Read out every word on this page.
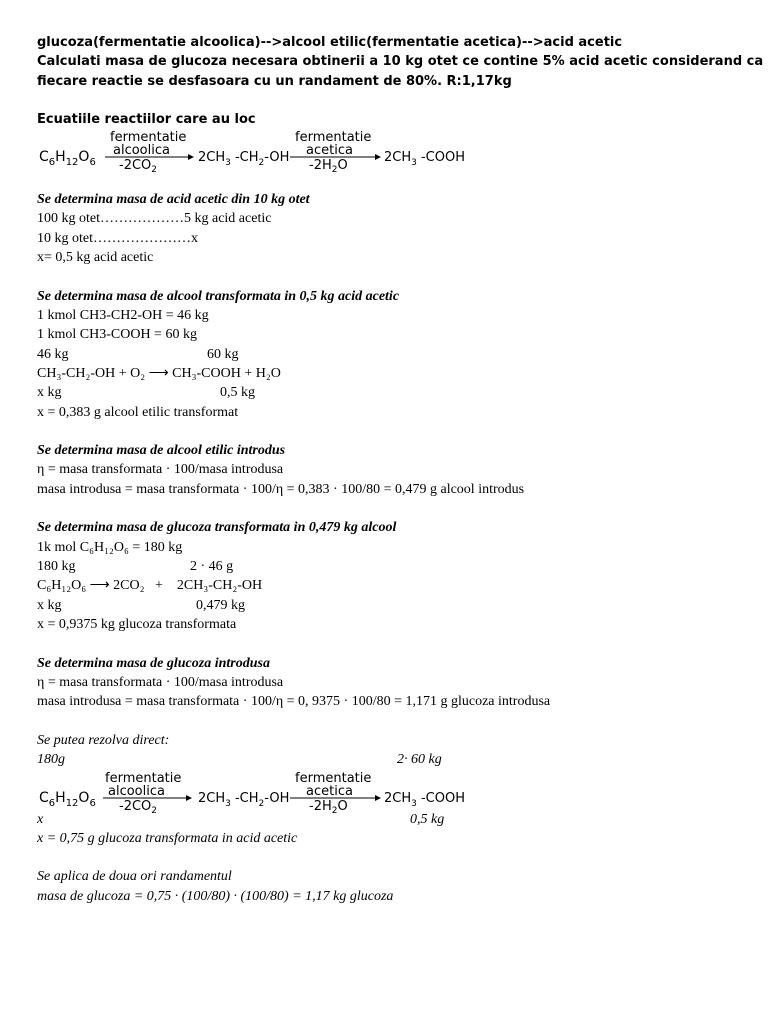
glucoza(fermentatie alcoolica)-->alcool etilic(fermentatie acetica)-->acid acetic
Calculati masa de glucoza necesara obtinerii a 10 kg otet ce contine 5% acid acetic considerand ca
fiecare reactie se desfasoara cu un randament de 80%. R:1,17kg
Ecuatiile reactiilor care au loc
$C_6H_{12}O_6$
fermentatie
alcoolica
$-2CO_2$
$2CH_3$ $-CH_2-OH$
fermentatie
acetica
$-2H_2O$
$2CH_3$ -COOH
Se determina masa de acid acetic din 10 kg otet
100 kg otet………………5 kg acid acetic
10 kg otet…………………x
x= 0,5 kg acid acetic
Se determina masa de alcool transformata in 0,5 kg acid acetic
1 kmol CH3-CH2-OH = 46 kg
1 kmol CH3-COOH = 60 kg
46 kg	60 kg
CH₃-CH₂-OH + O₂ ⟶ CH₃-COOH + H₂O
x kg	0,5 kg
x = 0,383 g alcool etilic transformat
Se determina masa de alcool etilic introdus
η = masa transformata · 100/masa introdusa
masa introdusa = masa transformata · 100/η = 0,383 · 100/80 = 0,479 g alcool introdus
Se determina masa de glucoza transformata in 0,479 kg alcool
1k mol C₆H₁₂O₆ = 180 kg
180 kg	2 · 46 g
C₆H₁₂O₆ ⟶ 2CO₂   +    2CH₃-CH₂-OH
x kg	0,479 kg
x = 0,9375 kg glucoza transformata
Se determina masa de glucoza introdusa
η = masa transformata · 100/masa introdusa
masa introdusa = masa transformata · 100/η = 0, 9375 · 100/80 = 1,171 g glucoza introdusa
Se putea rezolva direct:
180g	2· 60 kg
$C_6H_{12}O_6$
fermentatie
alcoolica
$-2CO_2$
$2CH_3$ $-CH_2-OH$
fermentatie
acetica
$-2H_2O$
$2CH_3$ -COOH
x	0,5 kg
x = 0,75 g glucoza transformata in acid acetic
Se aplica de doua ori randamentul
masa de glucoza = 0,75 · (100/80) · (100/80) = 1,17 kg glucoza
